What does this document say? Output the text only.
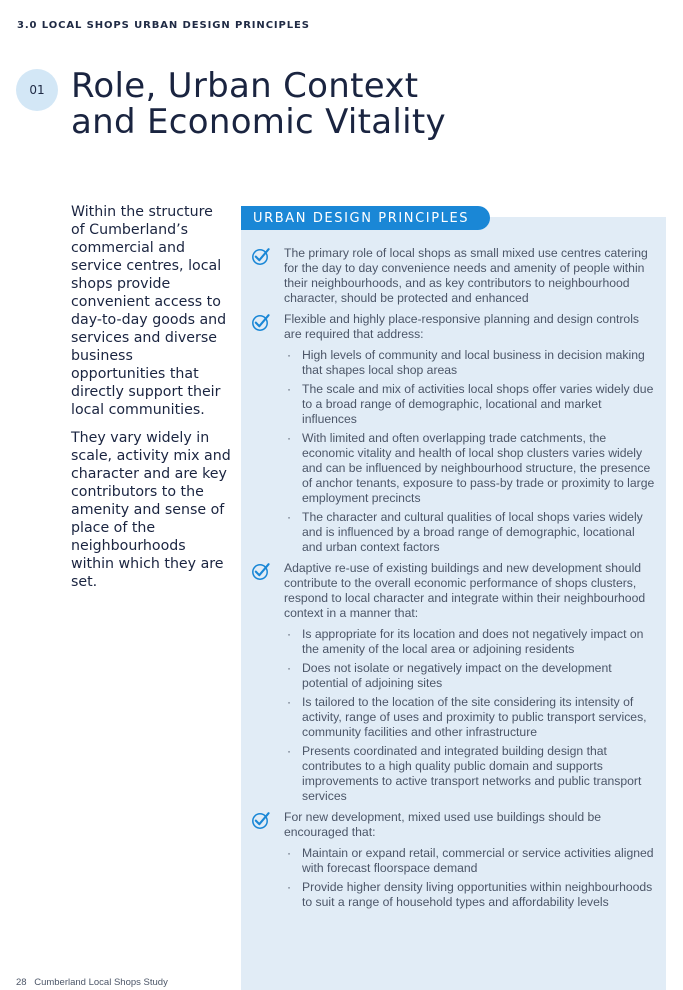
3.0 LOCAL SHOPS URBAN DESIGN PRINCIPLES
01 Role, Urban Context
and Economic Vitality

Within the structure of Cumberland’s commercial and service centres, local shops provide convenient access to day-to-day goods and services and diverse business opportunities that directly support their local communities.

They vary widely in scale, activity mix and character and are key contributors to the amenity and sense of place of the neighbourhoods within which they are set.

URBAN DESIGN PRINCIPLES
The primary role of local shops as small mixed use centres catering for the day to day convenience needs and amenity of people within their neighbourhoods, and as key contributors to neighbourhood character, should be protected and enhanced
Flexible and highly place-responsive planning and design controls are required that address:
· High levels of community and local business in decision making that shapes local shop areas
· The scale and mix of activities local shops offer varies widely due to a broad range of demographic, locational and market influences
· With limited and often overlapping trade catchments, the economic vitality and health of local shop clusters varies widely and can be influenced by neighbourhood structure, the presence of anchor tenants, exposure to pass-by trade or proximity to large employment precincts
· The character and cultural qualities of local shops varies widely and is influenced by a broad range of demographic, locational and urban context factors
Adaptive re-use of existing buildings and new development should contribute to the overall economic performance of shops clusters, respond to local character and integrate within their neighbourhood context in a manner that:
· Is appropriate for its location and does not negatively impact on the amenity of the local area or adjoining residents
· Does not isolate or negatively impact on the development potential of adjoining sites
· Is tailored to the location of the site considering its intensity of activity, range of uses and proximity to public transport services, community facilities and other infrastructure
· Presents coordinated and integrated building design that contributes to a high quality public domain and supports improvements to active transport networks and public transport services
For new development, mixed used use buildings should be encouraged that:
· Maintain or expand retail, commercial or service activities aligned with forecast floorspace demand
· Provide higher density living opportunities within neighbourhoods to suit a range of household types and affordability levels
28 Cumberland Local Shops Study
